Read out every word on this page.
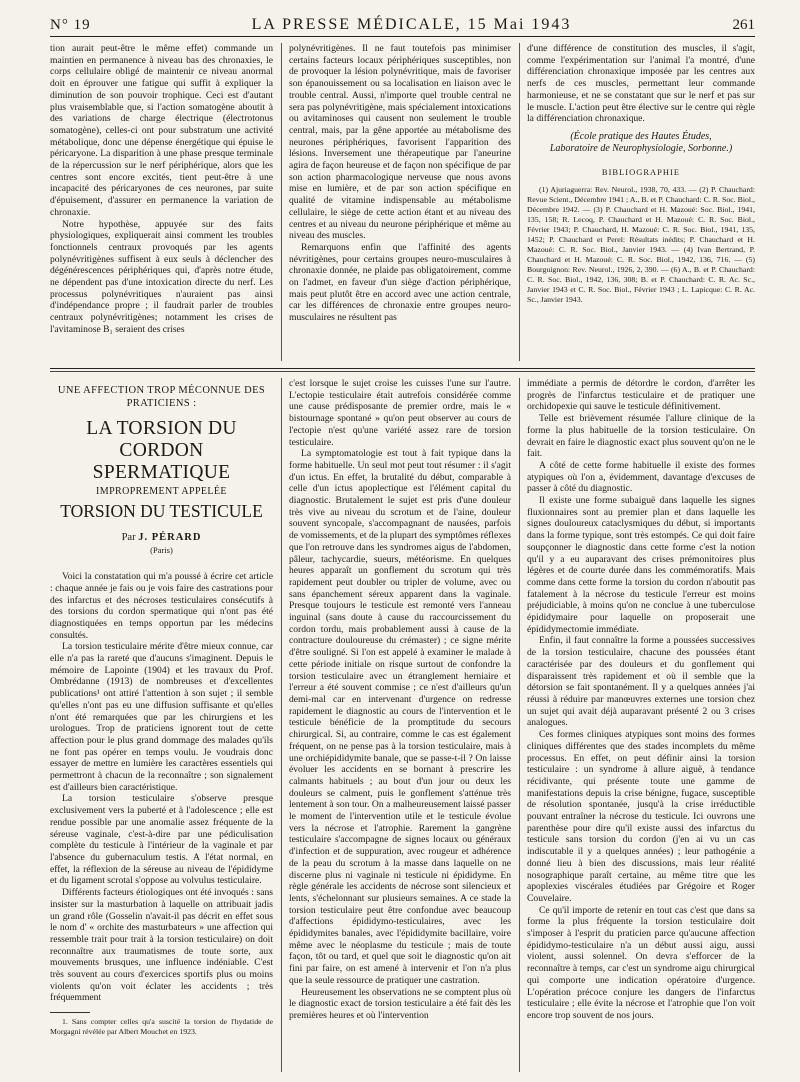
N° 19	LA PRESSE MÉDICALE, 15 Mai 1943	261

tion aurait peut-être le même effet) commande un maintien en permanence à niveau bas des chronaxies, le corps cellulaire obligé de maintenir ce niveau anormal doit en éprouver une fatigue qui suffit à expliquer la diminution de son pouvoir trophique. Ceci est d'autant plus vraisemblable que, si l'action somatogène aboutit à des variations de charge électrique (électrotonus somatogène), celles-ci ont pour substratum une activité métabolique, donc une dépense énergétique qui épuise le péricaryone. La disparition à une phase presque terminale de la répercussion sur le nerf périphérique, alors que les centres sont encore excités, tient peut-être à une incapacité des péricaryones de ces neurones, par suite d'épuisement, d'assurer en permanence la variation de chronaxie.

Notre hypothèse, appuyée sur des faits physiologiques, expliquerait ainsi comment les troubles fonctionnels centraux provoqués par les agents polynévritigènes suffisent à eux seuls à déclencher des dégénérescences périphériques qui, d'après notre étude, ne dépendent pas d'une intoxication directe du nerf. Les processus polynévritiques n'auraient pas ainsi d'indépendance propre ; il faudrait parler de troubles centraux polynévritigènes; notamment les crises de l'avitaminose B₁ seraient des crises

polynévritigènes. Il ne faut toutefois pas minimiser certains facteurs locaux périphériques susceptibles, non de provoquer la lésion polynévritique, mais de favoriser son épanouissement ou sa localisation en liaison avec le trouble central. Aussi, n'importe quel trouble central ne sera pas polynévritigène, mais spécialement intoxications ou avitaminoses qui causent non seulement le trouble central, mais, par la gêne apportée au métabolisme des neurones périphériques, favorisent l'apparition des lésions. Inversement une thérapeutique par l'aneurine agira de façon heureuse et de façon non spécifique de par son action pharmacologique nerveuse que nous avons mise en lumière, et de par son action spécifique en qualité de vitamine indispensable au métabolisme cellulaire, le siège de cette action étant et au niveau des centres et au niveau du neurone périphérique et même au niveau des muscles.

Remarquons enfin que l'affinité des agents névritigènes, pour certains groupes neuro-musculaires à chronaxie donnée, ne plaide pas obligatoirement, comme on l'admet, en faveur d'un siège d'action périphérique, mais peut plutôt être en accord avec une action centrale, car les différences de chronaxie entre groupes neuro-musculaires ne résultent pas

d'une différence de constitution des muscles, il s'agit, comme l'expérimentation sur l'animal l'a montré, d'une différenciation chronaxique imposée par les centres aux nerfs de ces muscles, permettant leur commande harmonieuse, et ne se constatant que sur le nerf et pas sur le muscle. L'action peut être élective sur le centre qui règle la différenciation chronaxique.

(École pratique des Hautes Études,
Laboratoire de Neurophysiologie, Sorbonne.)
BIBLIOGRAPHIE

(1) Ajuriaguerra: Rev. Neurol., 1938, 70, 433. — (2) P. Chauchard: Revue Scient., Décembre 1941 ; A., B. et P. Chauchard: C. R. Soc. Biol., Décembre 1942. — (3) P. Chauchard et H. Mazoué: Soc. Biol., 1941, 135, 158; R. Lecoq, P. Chauchard et H. Mazoué: C. R. Soc. Biol., Février 1943; P. Chauchard, H. Mazoué: C. R. Soc. Biol., 1941, 135, 1452; P. Chauchard et Perel: Résultats inédits; P. Chauchard et H. Mazoué: C. R. Soc. Biol., Janvier 1943. — (4) Ivan Bertrand, P. Chauchard et H. Mazoué: C. R. Soc. Biol., 1942, 136, 716. — (5) Bourguignon: Rev. Neurol., 1926, 2, 390. — (6) A., B. et P. Chauchard: C. R. Soc. Biol., 1942, 136, 308; B. et P. Chauchard: C. R. Ac. Sc., Janvier 1943 et C. R. Soc. Biol., Février 1943 ; L. Lapicque: C. R. Ac. Sc., Janvier 1943.

UNE AFFECTION TROP MÉCONNUE DES PRATICIENS :
LA TORSION DU CORDON
SPERMATIQUE
IMPROPREMENT APPELÉE
TORSION DU TESTICULE
Par J. PÉRARD
(Paris)

Voici la constatation qui m'a poussé à écrire cet article : chaque année je fais ou je vois faire des castrations pour des infarctus et des nécroses testiculaires consécutifs à des torsions du cordon spermatique qui n'ont pas été diagnostiquées en temps opportun par les médecins consultés.

La torsion testiculaire mérite d'être mieux connue, car elle n'a pas la rareté que d'aucuns s'imaginent. Depuis le mémoire de Lapointe (1904) et les travaux du Prof. Ombrédanne (1913) de nombreuses et d'excellentes publications¹ ont attiré l'attention à son sujet ; il semble qu'elles n'ont pas eu une diffusion suffisante et qu'elles n'ont été remarquées que par les chirurgiens et les urologues. Trop de praticiens ignorent tout de cette affection pour le plus grand dommage des malades qu'ils ne font pas opérer en temps voulu. Je voudrais donc essayer de mettre en lumière les caractères essentiels qui permettront à chacun de la reconnaître ; son signalement est d'ailleurs bien caractéristique.

La torsion testiculaire s'observe presque exclusivement vers la puberté et à l'adolescence ; elle est rendue possible par une anomalie assez fréquente de la séreuse vaginale, c'est-à-dire par une pédiculisation complète du testicule à l'intérieur de la vaginale et par l'absence du gubernaculum testis. A l'état normal, en effet, la réflexion de la séreuse au niveau de l'épididyme et du ligament scrotal s'oppose au volvulus testiculaire.

Différents facteurs étiologiques ont été invoqués : sans insister sur la masturbation à laquelle on attribuait jadis un grand rôle (Gosselin n'avait-il pas décrit en effet sous le nom d' « orchite des masturbateurs » une affection qui ressemble trait pour trait à la torsion testiculaire) on doit reconnaître aux traumatismes de toute sorte, aux mouvements brusques, une influence indéniable. C'est très souvent au cours d'exercices sportifs plus ou moins violents qu'on voit éclater les accidents ; très fréquemment

1. Sans compter celles qu'a suscité la torsion de l'hydatide de Morgagni révélée par Albert Mouchet en 1923.

c'est lorsque le sujet croise les cuisses l'une sur l'autre. L'ectopie testiculaire était autrefois considérée comme une cause prédisposante de premier ordre, mais le « bistournage spontané » qu'on peut observer au cours de l'ectopie n'est qu'une variété assez rare de torsion testiculaire.

La symptomatologie est tout à fait typique dans la forme habituelle. Un seul mot peut tout résumer : il s'agit d'un ictus. En effet, la brutalité du début, comparable à celle d'un ictus apoplectique est l'élément capital du diagnostic. Brutalement le sujet est pris d'une douleur très vive au niveau du scrotum et de l'aine, douleur souvent syncopale, s'accompagnant de nausées, parfois de vomissements, et de la plupart des symptômes réflexes que l'on retrouve dans les syndromes aigus de l'abdomen, pâleur, tachycardie, sueurs, météorisme. En quelques heures apparaît un gonflement du scrotum qui très rapidement peut doubler ou tripler de volume, avec ou sans épanchement séreux apparent dans la vaginale. Presque toujours le testicule est remonté vers l'anneau inguinal (sans doute à cause du raccourcissement du cordon tordu, mais probablement aussi à cause de la contracture douloureuse du crémaster) ; ce signe mérite d'être souligné. Si l'on est appelé à examiner le malade à cette période initiale on risque surtout de confondre la torsion testiculaire avec un étranglement herniaire et l'erreur a été souvent commise ; ce n'est d'ailleurs qu'un demi-mal car en intervenant d'urgence on redresse rapidement le diagnostic au cours de l'intervention et le testicule bénéficie de la promptitude du secours chirurgical. Si, au contraire, comme le cas est également fréquent, on ne pense pas à la torsion testiculaire, mais à une orchiépididymite banale, que se passe-t-il ? On laisse évoluer les accidents en se bornant à prescrire les calmants habituels ; au bout d'un jour ou deux les douleurs se calment, puis le gonflement s'atténue très lentement à son tour. On a malheureusement laissé passer le moment de l'intervention utile et le testicule évolue vers la nécrose et l'atrophie. Rarement la gangrène testiculaire s'accompagne de signes locaux ou généraux d'infection et de suppuration, avec rougeur et adhérence de la peau du scrotum à la masse dans laquelle on ne discerne plus ni vaginale ni testicule ni épididyme. En règle générale les accidents de nécrose sont silencieux et lents, s'échelonnant sur plusieurs semaines. A ce stade la torsion testiculaire peut être confondue avec beaucoup d'affections épididymo-testiculaires, avec les épididymites banales, avec l'épididymite bacillaire, voire même avec le néoplasme du testicule ; mais de toute façon, tôt ou tard, et quel que soit le diagnostic qu'on ait fini par faire, on est amené à intervenir et l'on n'a plus que la seule ressource de pratiquer une castration.

Heureusement les observations ne se comptent plus où le diagnostic exact de torsion testiculaire a été fait dès les premières heures et où l'intervention

immédiate a permis de détordre le cordon, d'arrêter les progrès de l'infarctus testiculaire et de pratiquer une orchidopexie qui sauve le testicule définitivement.

Telle est brièvement résumée l'allure clinique de la forme la plus habituelle de la torsion testiculaire. On devrait en faire le diagnostic exact plus souvent qu'on ne le fait.

A côté de cette forme habituelle il existe des formes atypiques où l'on a, évidemment, davantage d'excuses de passer à côté du diagnostic.

Il existe une forme subaiguë dans laquelle les signes fluxionnaires sont au premier plan et dans laquelle les signes douloureux cataclysmiques du début, si importants dans la forme typique, sont très estompés. Ce qui doit faire soupçonner le diagnostic dans cette forme c'est la notion qu'il y a eu auparavant des crises prémonitoires plus légères et de courte durée dans les commémoratifs. Mais comme dans cette forme la torsion du cordon n'aboutit pas fatalement à la nécrose du testicule l'erreur est moins préjudiciable, à moins qu'on ne conclue à une tuberculose épididymaire pour laquelle on proposerait une épididymectomie immédiate.

Enfin, il faut connaître la forme a poussées successives de la torsion testiculaire, chacune des poussées étant caractérisée par des douleurs et du gonflement qui disparaissent très rapidement et où il semble que la détorsion se fait spontanément. Il y a quelques années j'ai réussi à réduire par manœuvres externes une torsion chez un sujet qui avait déjà auparavant présenté 2 ou 3 crises analogues.

Ces formes cliniques atypiques sont moins des formes cliniques différentes que des stades incomplets du même processus. En effet, on peut définir ainsi la torsion testiculaire : un syndrome à allure aiguë, à tendance récidivante, qui présente toute une gamme de manifestations depuis la crise bénigne, fugace, susceptible de résolution spontanée, jusqu'à la crise irréductible pouvant entraîner la nécrose du testicule. Ici ouvrons une parenthèse pour dire qu'il existe aussi des infarctus du testicule sans torsion du cordon (j'en ai vu un cas indiscutable il y a quelques années) ; leur pathogénie a donné lieu à bien des discussions, mais leur réalité nosographique paraît certaine, au même titre que les apoplexies viscérales étudiées par Grégoire et Roger Couvelaire.

Ce qu'il importe de retenir en tout cas c'est que dans sa forme la plus fréquente la torsion testiculaire doit s'imposer à l'esprit du praticien parce qu'aucune affection épididymo-testiculaire n'a un début aussi aigu, aussi violent, aussi solennel. On devra s'efforcer de la reconnaître à temps, car c'est un syndrome aigu chirurgical qui comporte une indication opératoire d'urgence. L'opération précoce conjure les dangers de l'infarctus testiculaire ; elle évite la nécrose et l'atrophie que l'on voit encore trop souvent de nos jours.
